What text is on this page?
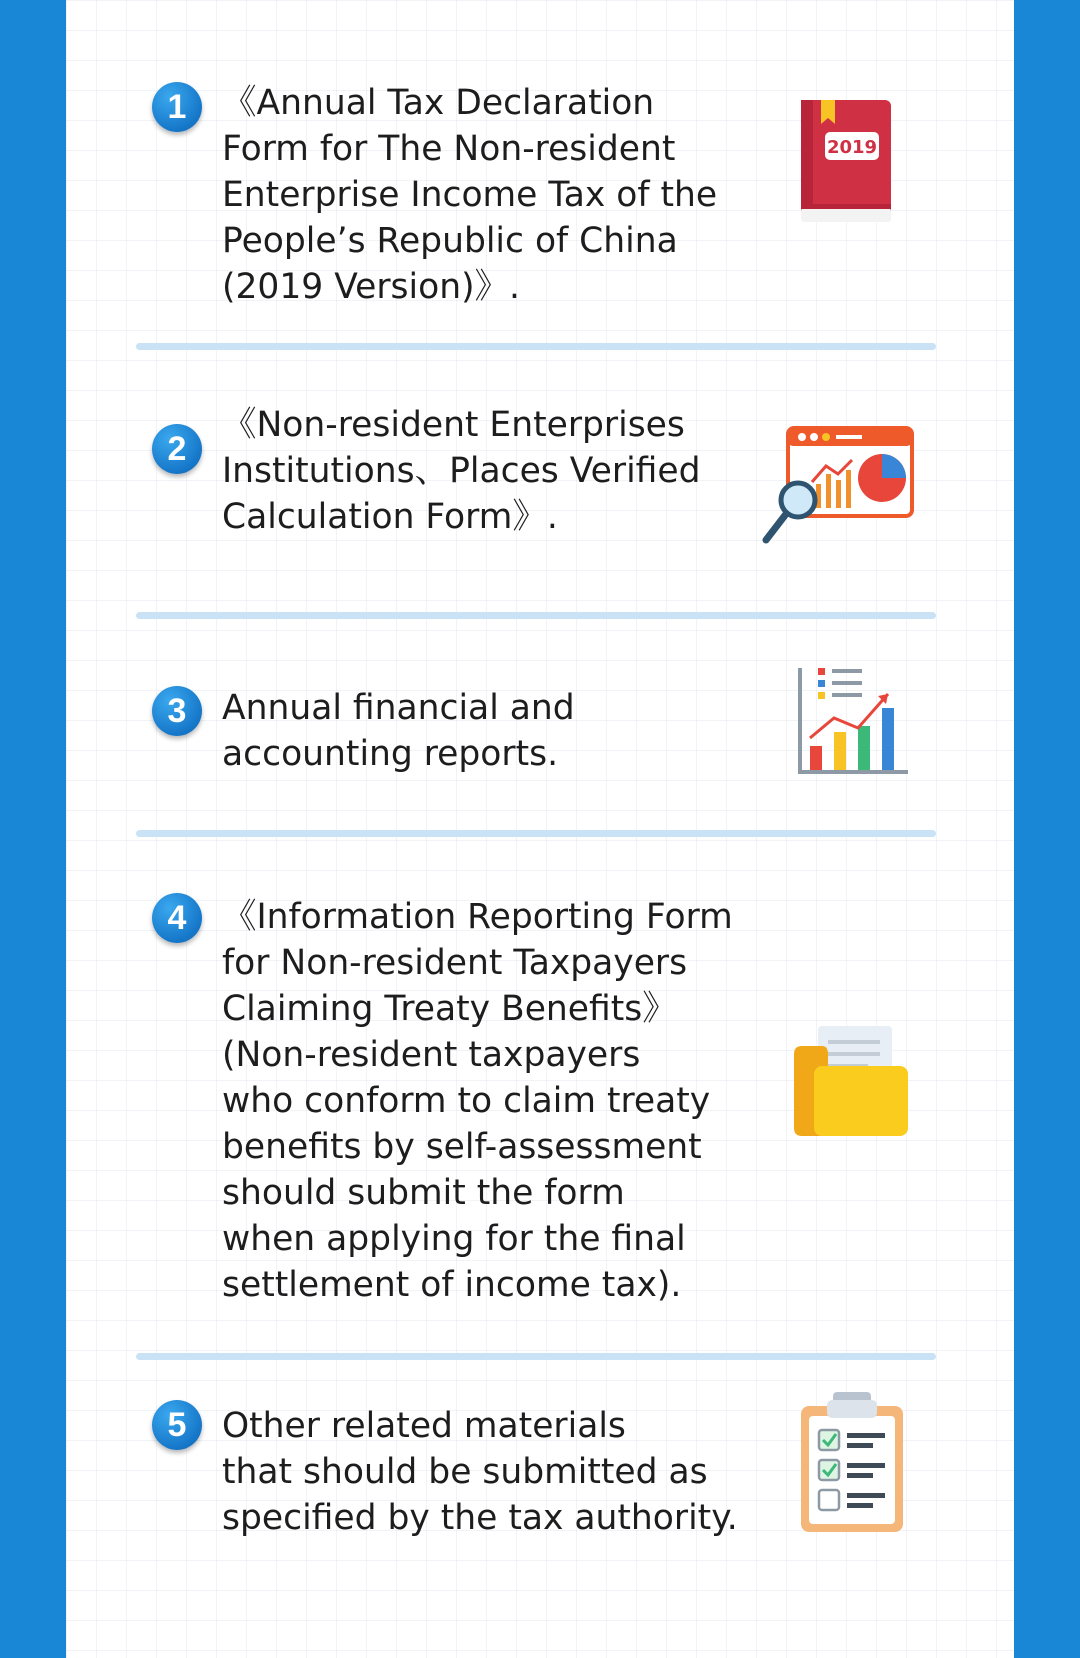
1	《Annual Tax Declaration
Form for The Non-resident
Enterprise Income Tax of the
People’s Republic of China
(2019 Version)》.
2019
2
《Non-resident Enterprises
Institutions、Places Verified
Calculation Form》.
3	Annual financial and
accounting reports.
4	《Information Reporting Form
for Non-resident Taxpayers
Claiming Treaty Benefits》
(Non-resident taxpayers
who conform to claim treaty
benefits by self-assessment
should submit the form
when applying for the final
settlement of income tax).
5	Other related materials
that should be submitted as
specified by the tax authority.
